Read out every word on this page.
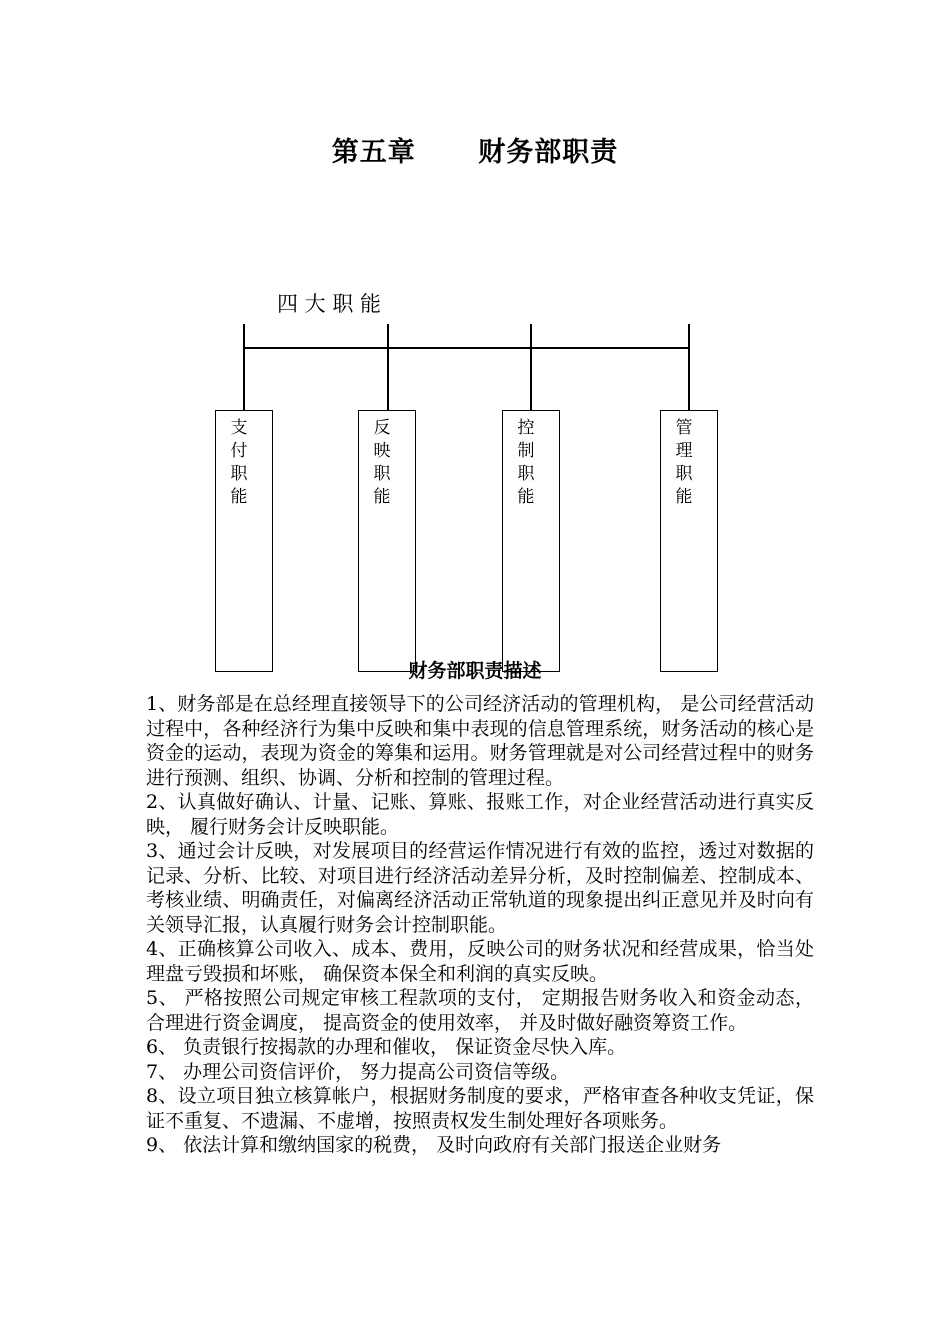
第五章      财务部职责
四 大 职 能
支付职能
反映职能
控制职能
管理职能
财务部职责描述

1、财务部是在总经理直接领导下的公司经济活动的管理机构， 是公司经营活动过程中，各种经济行为集中反映和集中表现的信息管理系统，财务活动的核心是资金的运动，表现为资金的筹集和运用。财务管理就是对公司经营过程中的财务进行预测、组织、协调、分析和控制的管理过程。

2、认真做好确认、计量、记账、算账、报账工作，对企业经营活动进行真实反映， 履行财务会计反映职能。

3、通过会计反映，对发展项目的经营运作情况进行有效的监控，透过对数据的记录、分析、比较、对项目进行经济活动差异分析，及时控制偏差、控制成本、考核业绩、明确责任，对偏离经济活动正常轨道的现象提出纠正意见并及时向有关领导汇报，认真履行财务会计控制职能。

4、正确核算公司收入、成本、费用，反映公司的财务状况和经营成果，恰当处理盘亏毁损和坏账， 确保资本保全和利润的真实反映。

5、 严格按照公司规定审核工程款项的支付， 定期报告财务收入和资金动态， 合理进行资金调度， 提高资金的使用效率， 并及时做好融资筹资工作。

6、 负责银行按揭款的办理和催收， 保证资金尽快入库。

7、 办理公司资信评价， 努力提高公司资信等级。

8、设立项目独立核算帐户，根据财务制度的要求，严格审查各种收支凭证，保证不重复、不遗漏、不虚增，按照责权发生制处理好各项账务。

9、 依法计算和缴纳国家的税费， 及时向政府有关部门报送企业财务
